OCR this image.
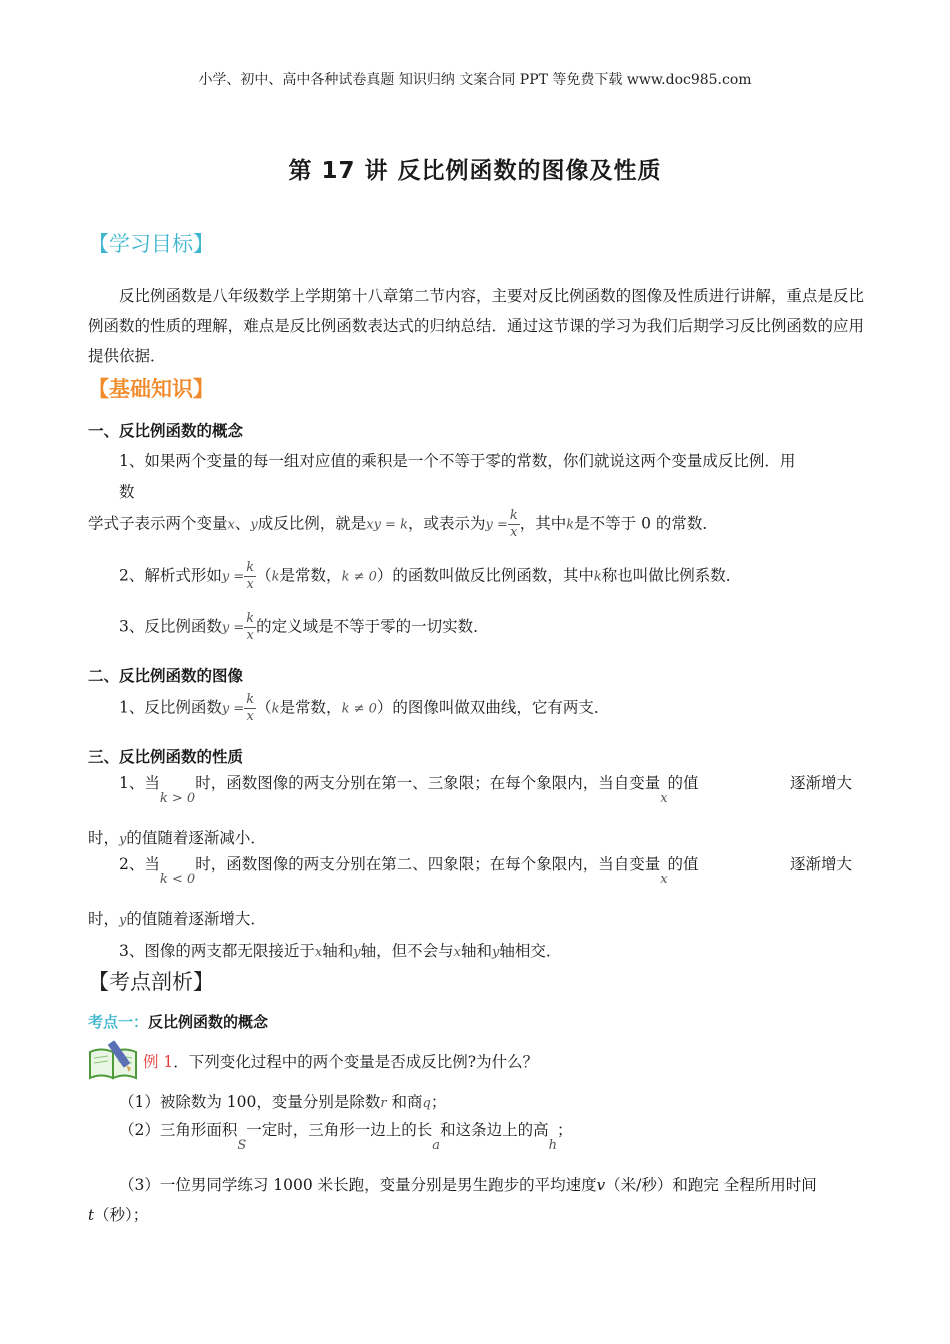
小学、初中、高中各种试卷真题 知识归纳 文案合同 PPT 等免费下载 www.doc985.com
第 17 讲 反比例函数的图像及性质
【学习目标】
反比例函数是八年级数学上学期第十八章第二节内容，主要对反比例函数的图像及性质进行讲解，重点是反比例函数的性质的理解，难点是反比例函数表达式的归纳总结．通过这节课的学习为我们后期学习反比例函数的应用提供依据．
【基础知识】
一、反比例函数的概念
1、如果两个变量的每一组对应值的乘积是一个不等于零的常数，你们就说这两个变量成反比例．用
数
学式子表示两个变量x、y成反比例，就是xy = k，或表示为$y = \frac{k}{x}$ ，其中k是不等于 0 的常数．
2、解析式形如$y = \frac{k}{x} (k$是常数，k ≠ 0）的函数叫做反比例函数，其中k称也叫做比例系数．
3、反比例函数$y = \frac{k}{x}$ 的定义域是不等于零的一切实数．
二、反比例函数的图像
1、反比例函数$y = \frac{k}{x} (k$是常数，k ≠ 0）的图像叫做双曲线，它有两支．
三、反比例函数的性质
1、当$_{k > 0}$时，函数图像的两支分别在第一、三象限；在每个象限内，当自变量$_x$的值	逐渐增大
时，y的值随着逐渐减小．
2、当$_{k < 0}$时，函数图像的两支分别在第二、四象限；在每个象限内，当自变量$_x$的值	逐渐增大
时，y的值随着逐渐增大．
3、图像的两支都无限接近于x轴和y轴，但不会与x轴和y轴相交．
【考点剖析】
考点一：反比例函数的概念
例 1．下列变化过程中的两个变量是否成反比例?为什么？
（1）被除数为 100，变量分别是除数r 和商q；
（2）三角形面积$_S$一定时，三角形一边上的长$_a$和这条边上的高$_h$；
（3）一位男同学练习 1000 米长跑，变量分别是男生跑步的平均速度v（米/秒）和跑完 全程所用时间
t（秒）；
